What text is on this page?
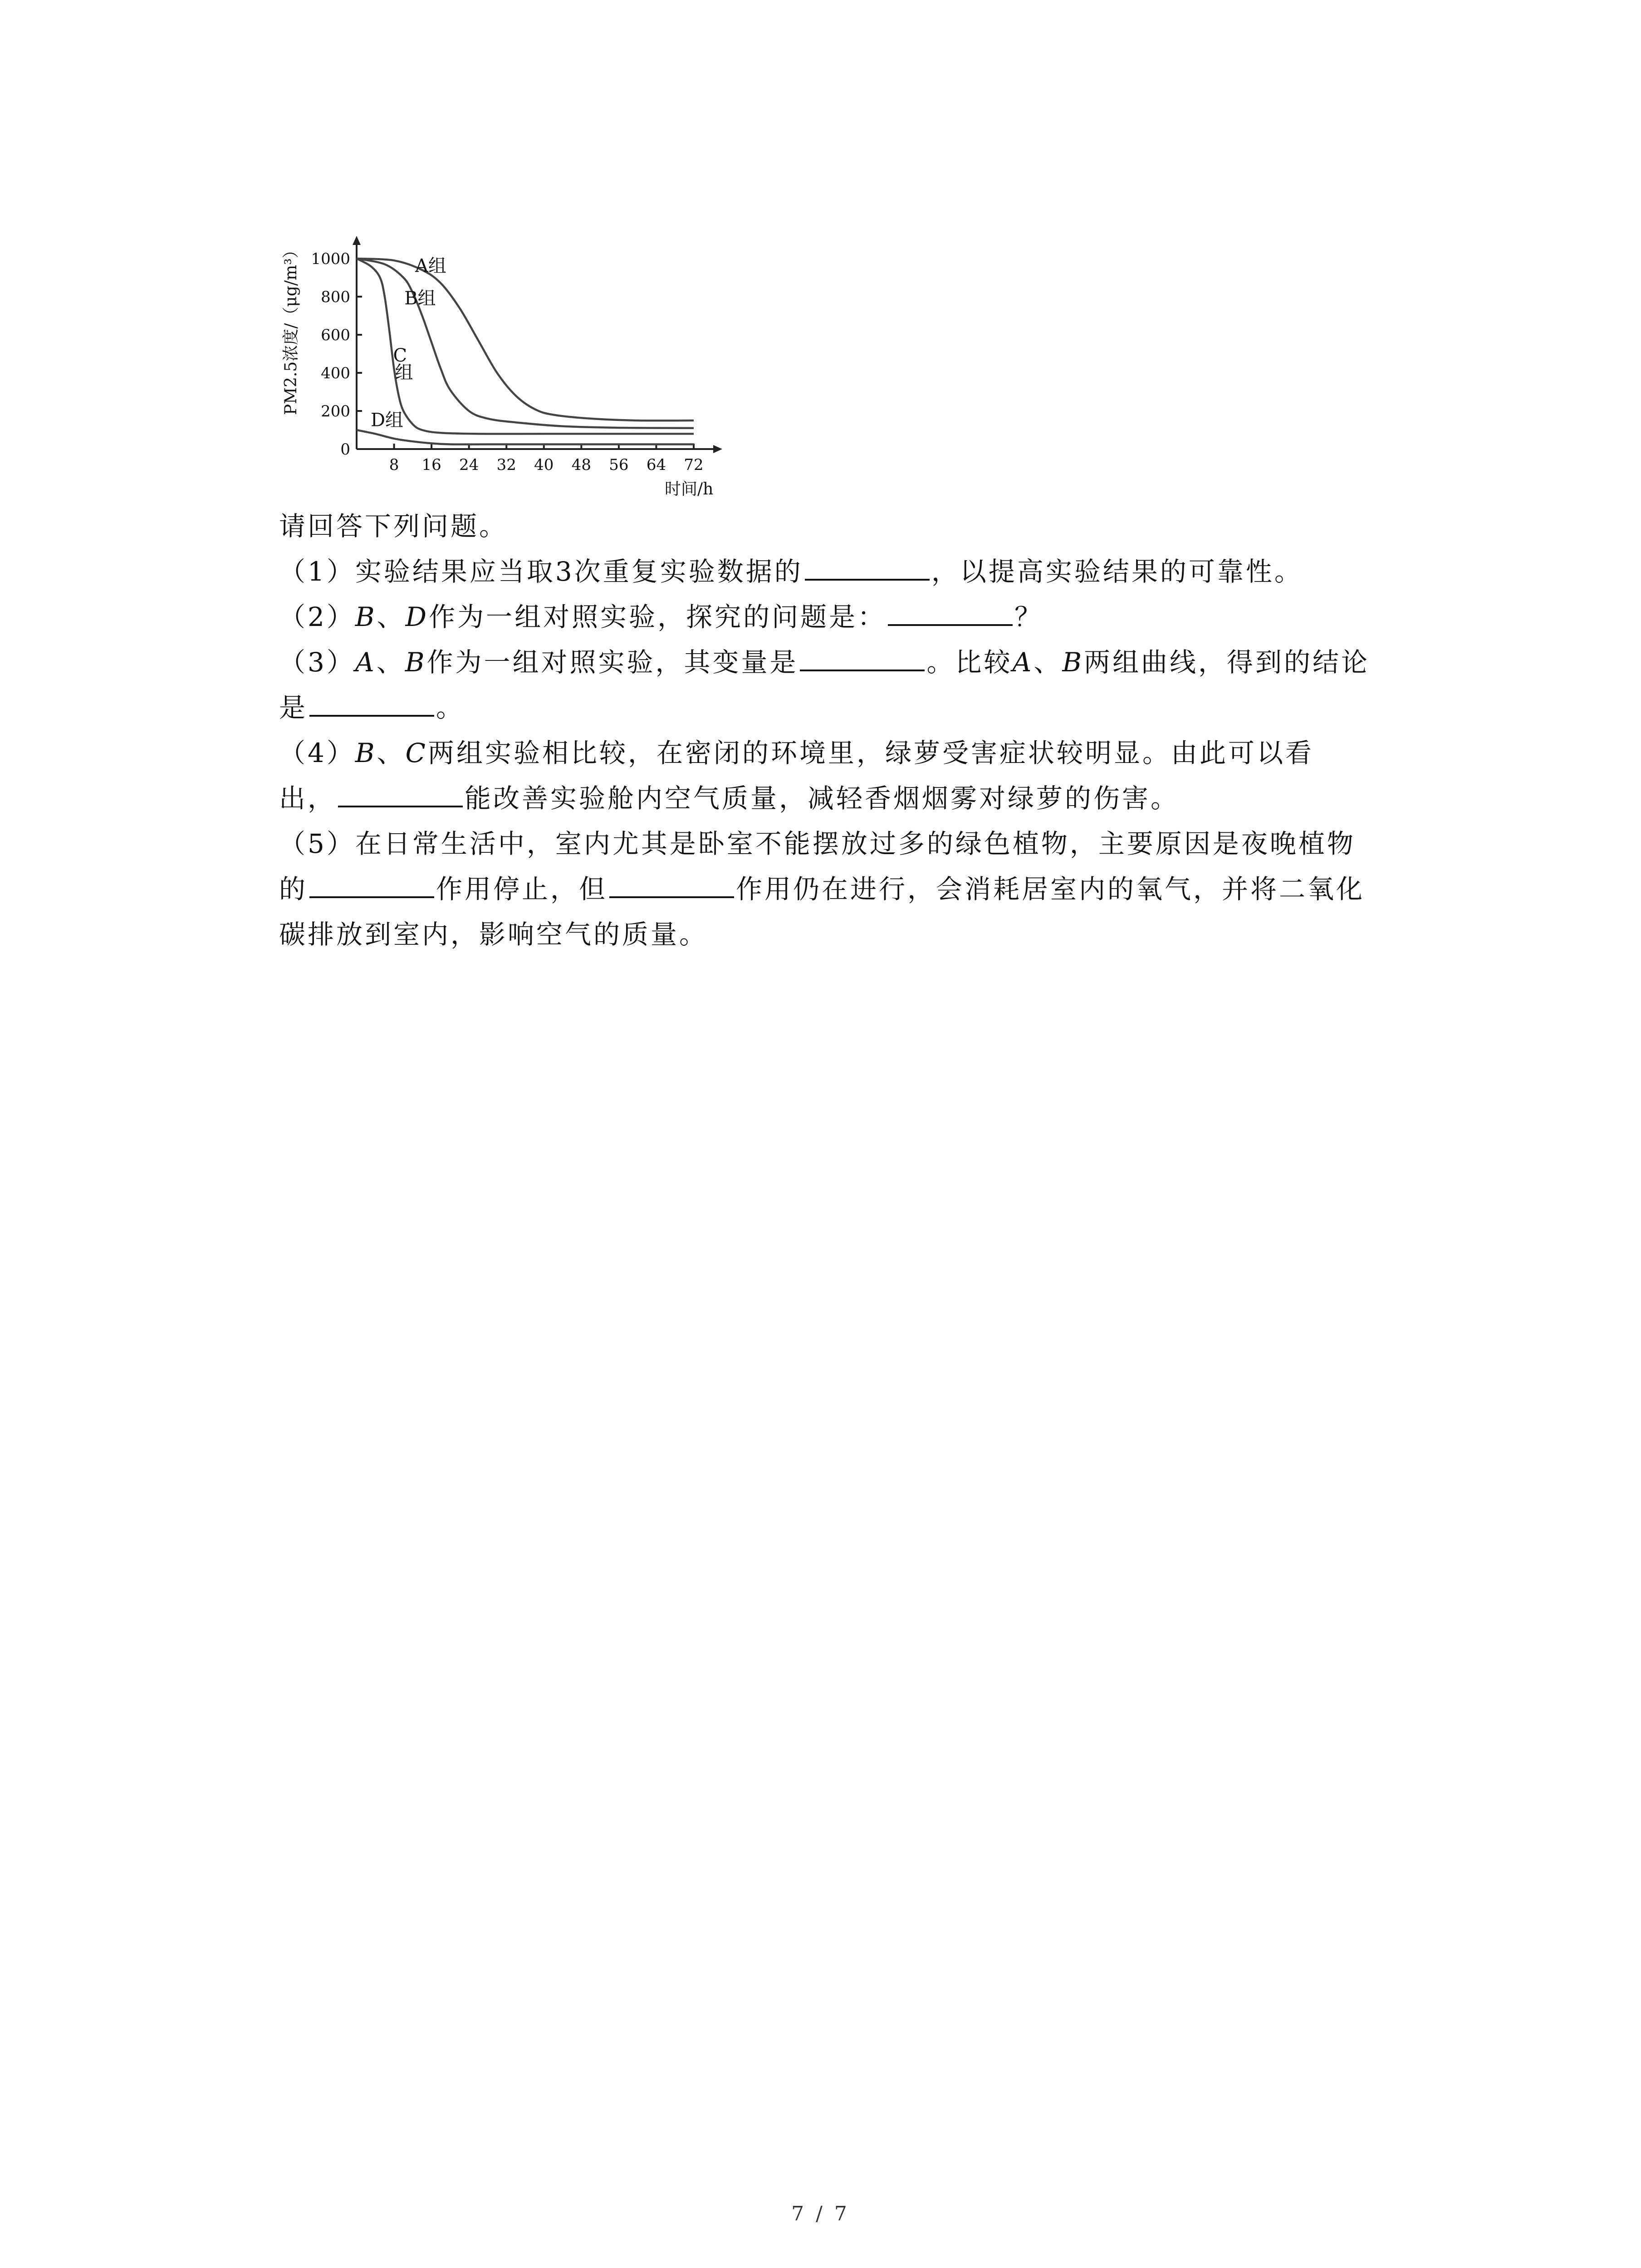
0
200
400
600
800
1000
8 16 24 32 40 48 56 64 72
A组
B组
C
组
D组
PM2.5浓度/（μg/m³）
时间/h
请回答下列问题。
（1）实验结果应当取3次重复实验数据的	，以提高实验结果的可靠性。
（2）B、D作为一组对照实验，探究的问题是：	？
（3）A、B作为一组对照实验，其变量是	。比较A、B两组曲线，得到的结论
是	。
（4）B、C两组实验相比较，在密闭的环境里，绿萝受害症状较明显。由此可以看
出，	能改善实验舱内空气质量，减轻香烟烟雾对绿萝的伤害。
（5）在日常生活中，室内尤其是卧室不能摆放过多的绿色植物，主要原因是夜晚植物
的	作用停止，但	作用仍在进行，会消耗居室内的氧气，并将二氧化
碳排放到室内，影响空气的质量。
7 / 7
